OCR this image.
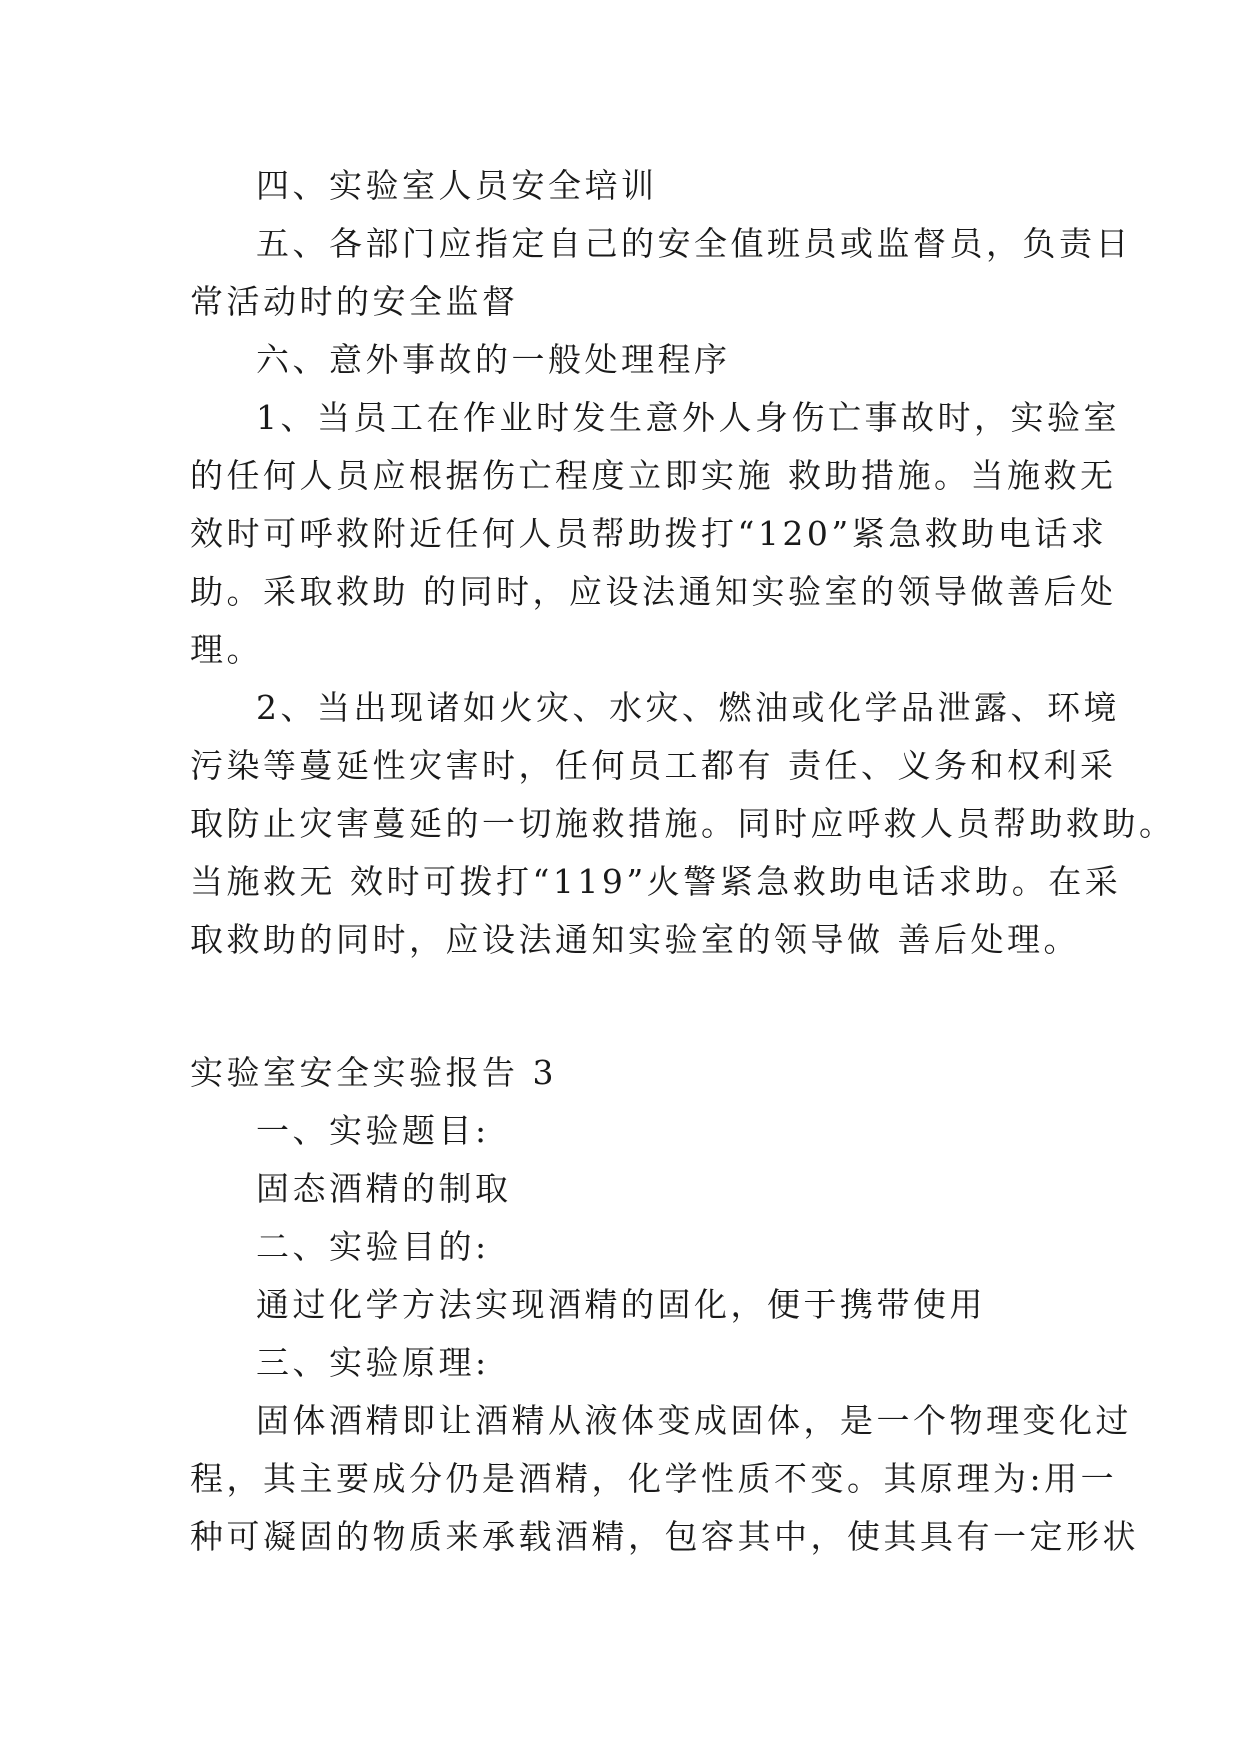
四、实验室人员安全培训
五、各部门应指定自己的安全值班员或监督员，负责日
常活动时的安全监督
六、意外事故的一般处理程序
1、当员工在作业时发生意外人身伤亡事故时，实验室
的任何人员应根据伤亡程度立即实施 救助措施。当施救无
效时可呼救附近任何人员帮助拨打“120”紧急救助电话求
助。采取救助 的同时，应设法通知实验室的领导做善后处
理。
2、当出现诸如火灾、水灾、燃油或化学品泄露、环境
污染等蔓延性灾害时，任何员工都有 责任、义务和权利采
取防止灾害蔓延的一切施救措施。同时应呼救人员帮助救助。
当施救无 效时可拨打“119”火警紧急救助电话求助。在采
取救助的同时，应设法通知实验室的领导做 善后处理。
实验室安全实验报告 3
一、实验题目:
固态酒精的制取
二、实验目的:
通过化学方法实现酒精的固化，便于携带使用
三、实验原理:
固体酒精即让酒精从液体变成固体，是一个物理变化过
程，其主要成分仍是酒精，化学性质不变。其原理为:用一
种可凝固的物质来承载酒精，包容其中，使其具有一定形状
